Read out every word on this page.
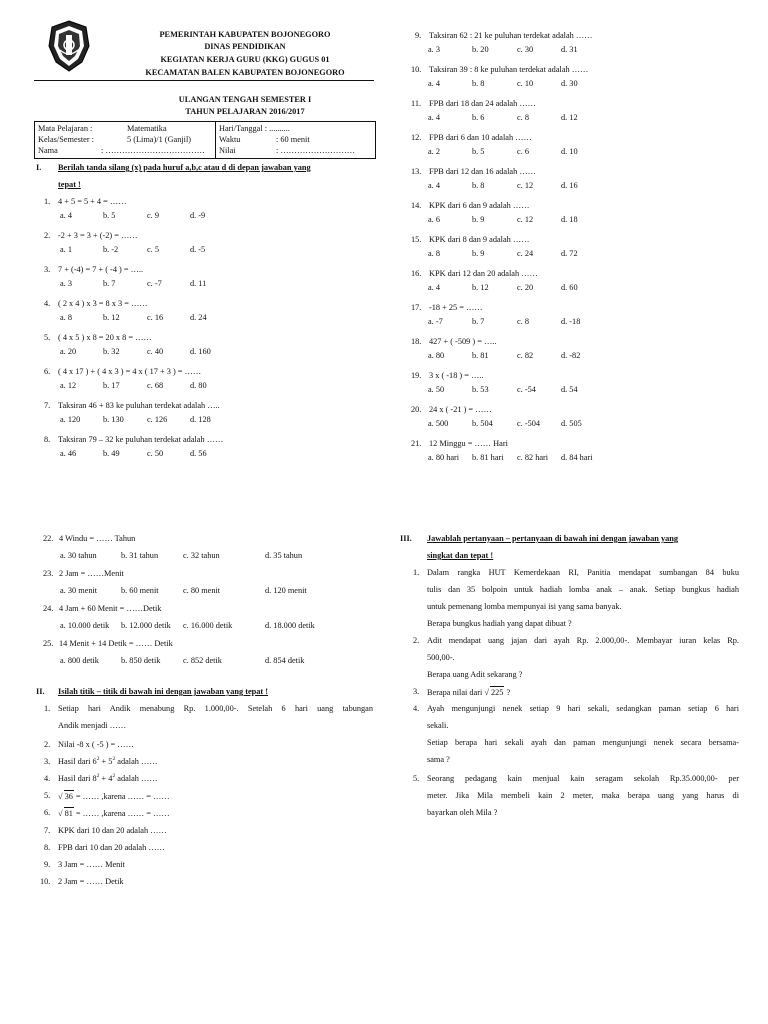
PEMERINTAH KABUPATEN BOJONEGORO
DINAS PENDIDIKAN
KEGIATAN KERJA GURU (KKG) GUGUS 01
KECAMATAN BALEN KABUPATEN BOJONEGORO
ULANGAN TENGAH SEMESTER I
TAHUN PELAJARAN 2016/2017
Mata Pelajaran :	Matematika
Kelas/Semester :	5 (Lima)/1 (Ganjil)
Nama	: ………………………………
Hari/Tanggal : ..........
Waktu	: 60 menit
Nilai	: ………………………
I. Berilah tanda silang (x) pada huruf a,b,c atau d di depan jawaban yang
tepat !
1. 4 + 5 = 5 + 4 = ……
a. 4	b. 5	c. 9	d. -9
2. -2 + 3 = 3 + (-2) = ……
a. 1	b. -2	c. 5	d. -5
3. 7 + (-4) = 7 + ( -4 ) = …..
a. 3	b. 7	c. -7	d. 11
4. ( 2 x 4 ) x 3 = 8 x 3 = ……
a. 8	b. 12	c. 16	d. 24
5. ( 4 x 5 ) x 8 = 20 x 8 = ……
a. 20	b. 32	c. 40	d. 160
6. ( 4 x 17 ) + ( 4 x 3 ) = 4 x ( 17 + 3 ) = ……
a. 12	b. 17	c. 68	d. 80
7. Taksiran 46 + 83 ke puluhan terdekat adalah …..
a. 120	b. 130	c. 126	d. 128
8. Taksiran 79 – 32 ke puluhan terdekat adalah ……
a. 46	b. 49	c. 50	d. 56
9. Taksiran 62 : 21 ke puluhan terdekat adalah ……
a. 3	b. 20	c. 30	d. 31
10. Taksiran 39 : 8 ke puluhan terdekat adalah ……
a. 4	b. 8	c. 10	d. 30
11. FPB dari 18 dan 24 adalah ……
a. 4	b. 6	c. 8	d. 12
12. FPB dari 6 dan 10 adalah ……
a. 2	b. 5	c. 6	d. 10
13. FPB dari 12 dan 16 adalah ……
a. 4	b. 8	c. 12	d. 16
14. KPK dari 6 dan 9 adalah ……
a. 6	b. 9	c. 12	d. 18
15. KPK dari 8 dan 9 adalah ……
a. 8	b. 9	c. 24	d. 72
16. KPK dari 12 dan 20 adalah ……
a. 4	b. 12	c. 20	d. 60
17. -18 + 25 = ……
a. -7	b. 7	c. 8	d. -18
18. 427 + ( -509 ) = …..
a. 80	b. 81	c. 82	d. -82
19. 3 x ( -18 ) = …..
a. 50	b. 53	c. -54	d. 54
20. 24 x ( -21 ) = ……
a. 500	b. 504	c. -504	d. 505
21. 12 Minggu = …… Hari
a. 80 hari b. 81 hari c. 82 hari d. 84 hari
22. 4 Windu = …… Tahun
a. 30 tahun	b. 31 tahun	c. 32 tahun	d. 35 tahun
23. 2 Jam = ……Menit
a. 30 menit	b. 60 menit	c. 80 menit	d. 120 menit
24. 4 Jam + 60 Menit = ……Detik
a. 10.000 detik b. 12.000 detik c. 16.000 detik	d. 18.000 detik
25. 14 Menit + 14 Detik = …… Detik
a. 800 detik	b. 850 detik	c. 852 detik	d. 854 detik
II. Isilah titik – titik di bawah ini dengan jawaban yang tepat !
1. Setiap hari Andik menabung Rp. 1.000,00-. Setelah 6 hari uang tabungan
Andik menjadi ……
2. Nilai -8 x ( -5 ) = ……
3. Hasil dari $6^2 + 5^2$ adalah ……
4. Hasil dari $8^2 + 4^2$ adalah ……
5. √ 36 = …… ,karena …… = ……
6. √ 81 = …… ,karena …… = ……
7. KPK dari 10 dan 20 adalah ……
8. FPB dari 10 dan 20 adalah ……
9. 3 Jam = …… Menit
10. 2 Jam = …… Detik
III. Jawablah pertanyaan – pertanyaan di bawah ini dengan jawaban yang
singkat dan tepat !
1. Dalam rangka HUT Kemerdekaan RI, Panitia mendapat sumbangan 84 buku
tulis dan 35 bolpoin untuk hadiah lomba anak – anak. Setiap bungkus hadiah
untuk pemenang lomba mempunyai isi yang sama banyak.
Berapa bungkus hadiah yang dapat dibuat ?
2. Adit mendapat uang jajan dari ayah Rp. 2.000,00-. Membayar iuran kelas Rp.
500,00-.
Berapa uang Adit sekarang ?
3. Berapa nilai dari √ 225 ?
4. Ayah mengunjungi nenek setiap 9 hari sekali, sedangkan paman setiap 6 hari
sekali.
Setiap berapa hari sekali ayah dan paman mengunjungi nenek secara bersama-
sama ?
5. Seorang pedagang kain menjual kain seragam sekolah Rp.35.000,00- per
meter. Jika Mila membeli kain 2 meter, maka berapa uang yang harus di
bayarkan oleh Mila ?
